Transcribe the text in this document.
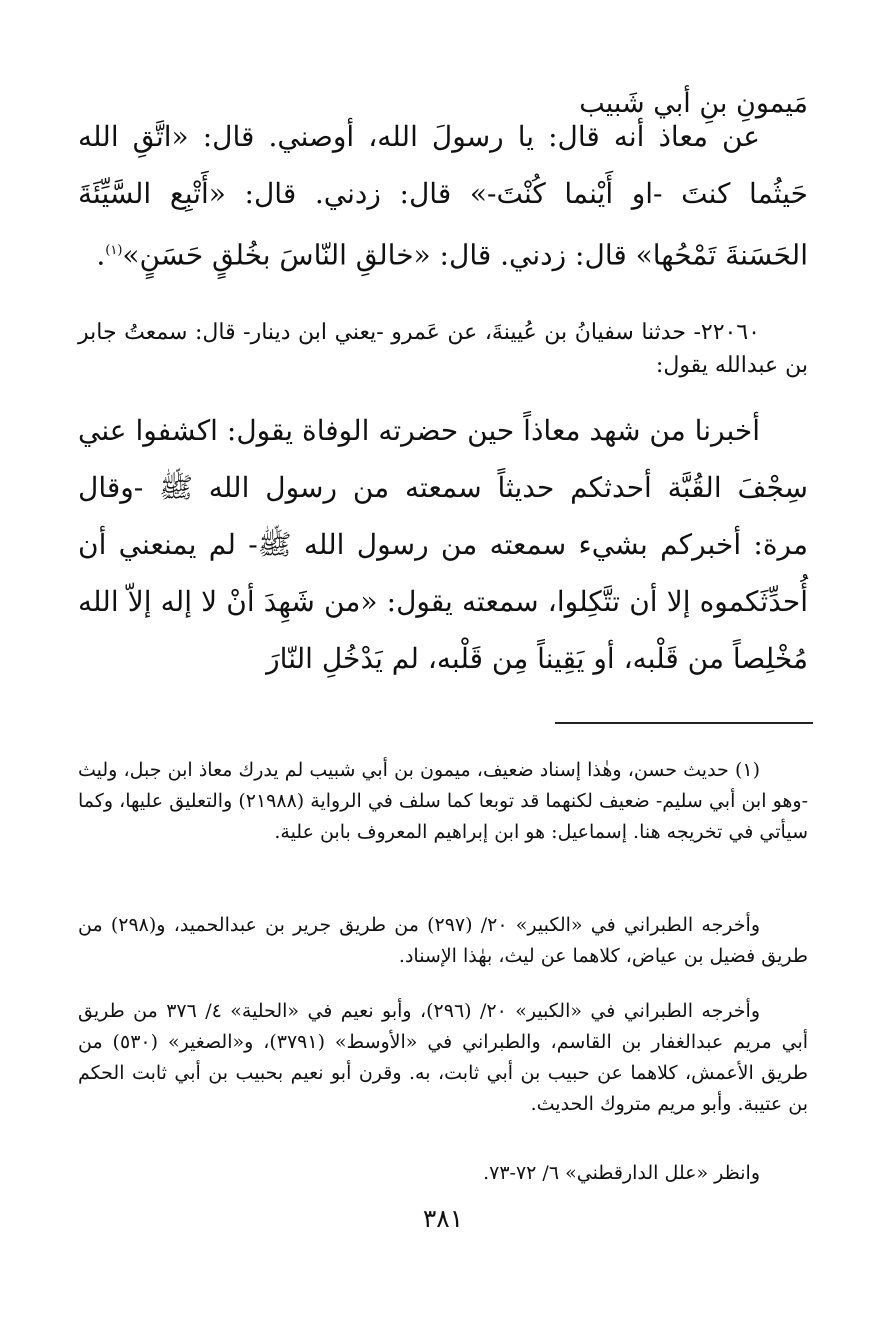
مَيمونِ بنِ أبي شَبيب

عن معاذ أنه قال: يا رسولَ الله، أوصني. قال: «اتَّقِ الله حَيثُما كنتَ -او أَيْنما كُنْتَ-» قال: زدني. قال: «أَتْبِع السَّيِّئَةَ الحَسَنةَ تَمْحُها» قال: زدني. قال: «خالقِ النّاسَ بخُلقٍ حَسَنٍ»$^{(١)}$.

٢٢٠٦٠- حدثنا سفيانُ بن عُيينةَ، عن عَمرو -يعني ابن دينار- قال: سمعتُ جابر بن عبدالله يقول:

أخبرنا من شهد معاذاً حين حضرته الوفاة يقول: اكشفوا عني سِجْفَ القُبَّة أحدثكم حديثاً سمعته من رسول الله ﷺ -وقال مرة: أخبركم بشيء سمعته من رسول الله ﷺ- لم يمنعني أن أُحدِّثَكموه إلا أن تتَّكِلوا، سمعته يقول: «من شَهِدَ أنْ لا إله إلاّ الله مُخْلِصاً من قَلْبه، أو يَقِيناً مِن قَلْبه، لم يَدْخُلِ النّارَ

(١) حديث حسن، وهٰذا إسناد ضعيف، ميمون بن أبي شبيب لم يدرك معاذ ابن جبل، وليث -وهو ابن أبي سليم- ضعيف لكنهما قد توبعا كما سلف في الرواية (٢١٩٨٨) والتعليق عليها، وكما سيأتي في تخريجه هنا. إسماعيل: هو ابن إبراهيم المعروف بابن علية.

وأخرجه الطبراني في «الكبير» ٢٠/ (٢٩٧) من طريق جرير بن عبدالحميد، و(٢٩٨) من طريق فضيل بن عياض، كلاهما عن ليث، بهٰذا الإسناد.

وأخرجه الطبراني في «الكبير» ٢٠/ (٢٩٦)، وأبو نعيم في «الحلية» ٤/ ٣٧٦ من طريق أبي مريم عبدالغفار بن القاسم، والطبراني في «الأوسط» (٣٧٩١)، و«الصغير» (٥٣٠) من طريق الأعمش، كلاهما عن حبيب بن أبي ثابت، به. وقرن أبو نعيم بحبيب بن أبي ثابت الحكم بن عتيبة. وأبو مريم متروك الحديث.

وانظر «علل الدارقطني» ٦/ ٧٢-٧٣.

٣٨١
